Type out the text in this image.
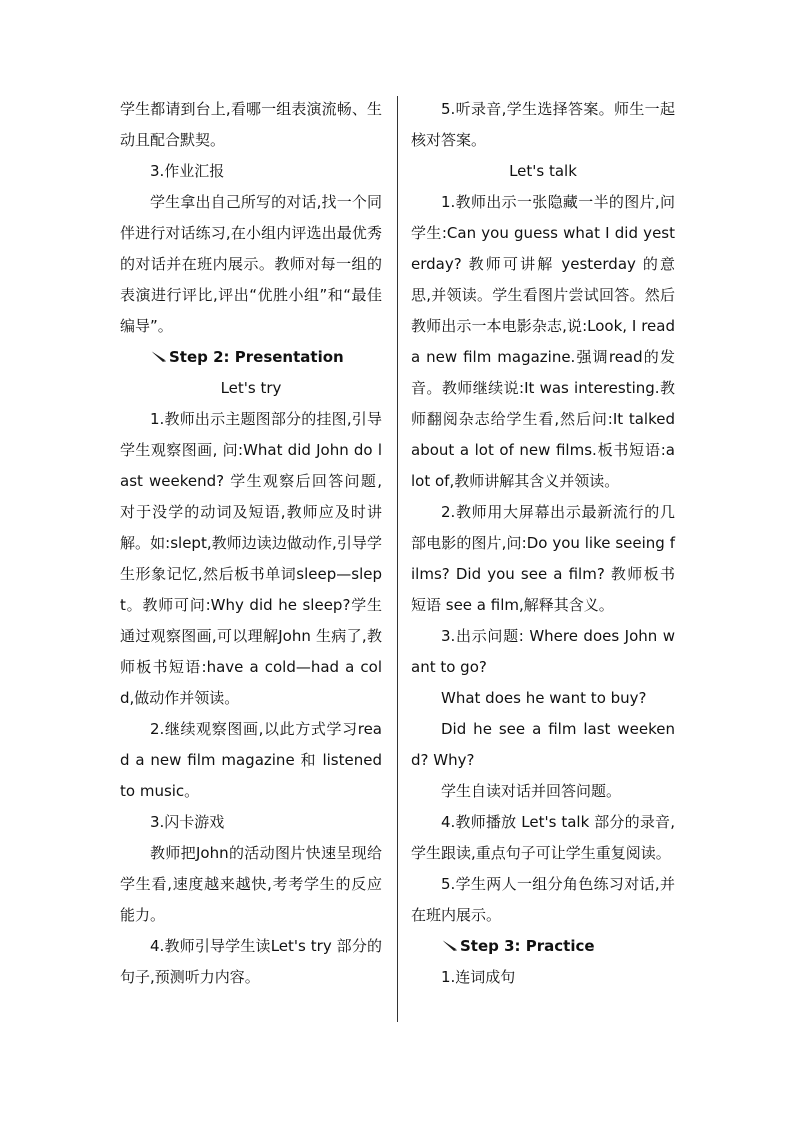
学生都请到台上,看哪一组表演流畅、生动且配合默契。

3.作业汇报

学生拿出自己所写的对话,找一个同伴进行对话练习,在小组内评选出最优秀的对话并在班内展示。教师对每一组的表演进行评比,评出“优胜小组”和“最佳编导”。

Step 2: Presentation

Let's try

1.教师出示主题图部分的挂图,引导学生观察图画, 问:What did John do last weekend? 学生观察后回答问题,对于没学的动词及短语,教师应及时讲解。如:slept,教师边读边做动作,引导学生形象记忆,然后板书单词sleep—slept。教师可问:Why did he sleep?学生通过观察图画,可以理解John 生病了,教师板书短语:have a cold—had a cold,做动作并领读。

2.继续观察图画,以此方式学习read a new film magazine 和 listened to music。

3.闪卡游戏

教师把John的活动图片快速呈现给学生看,速度越来越快,考考学生的反应能力。

4.教师引导学生读Let's try 部分的句子,预测听力内容。

5.听录音,学生选择答案。师生一起核对答案。

Let's talk

1.教师出示一张隐藏一半的图片,问学生:Can you guess what I did yesterday? 教师可讲解 yesterday 的意思,并领读。学生看图片尝试回答。然后教师出示一本电影杂志,说:Look, I read a new film magazine.强调read的发音。教师继续说:It was interesting.教师翻阅杂志给学生看,然后问:It talked about a lot of new films.板书短语:a lot of,教师讲解其含义并领读。

2.教师用大屏幕出示最新流行的几部电影的图片,问:Do you like seeing films? Did you see a film? 教师板书短语 see a film,解释其含义。

3.出示问题: Where does John want to go?

What does he want to buy?

Did he see a film last weekend? Why?

学生自读对话并回答问题。

4.教师播放 Let's talk 部分的录音,学生跟读,重点句子可让学生重复阅读。

5.学生两人一组分角色练习对话,并在班内展示。

Step 3: Practice

1.连词成句
